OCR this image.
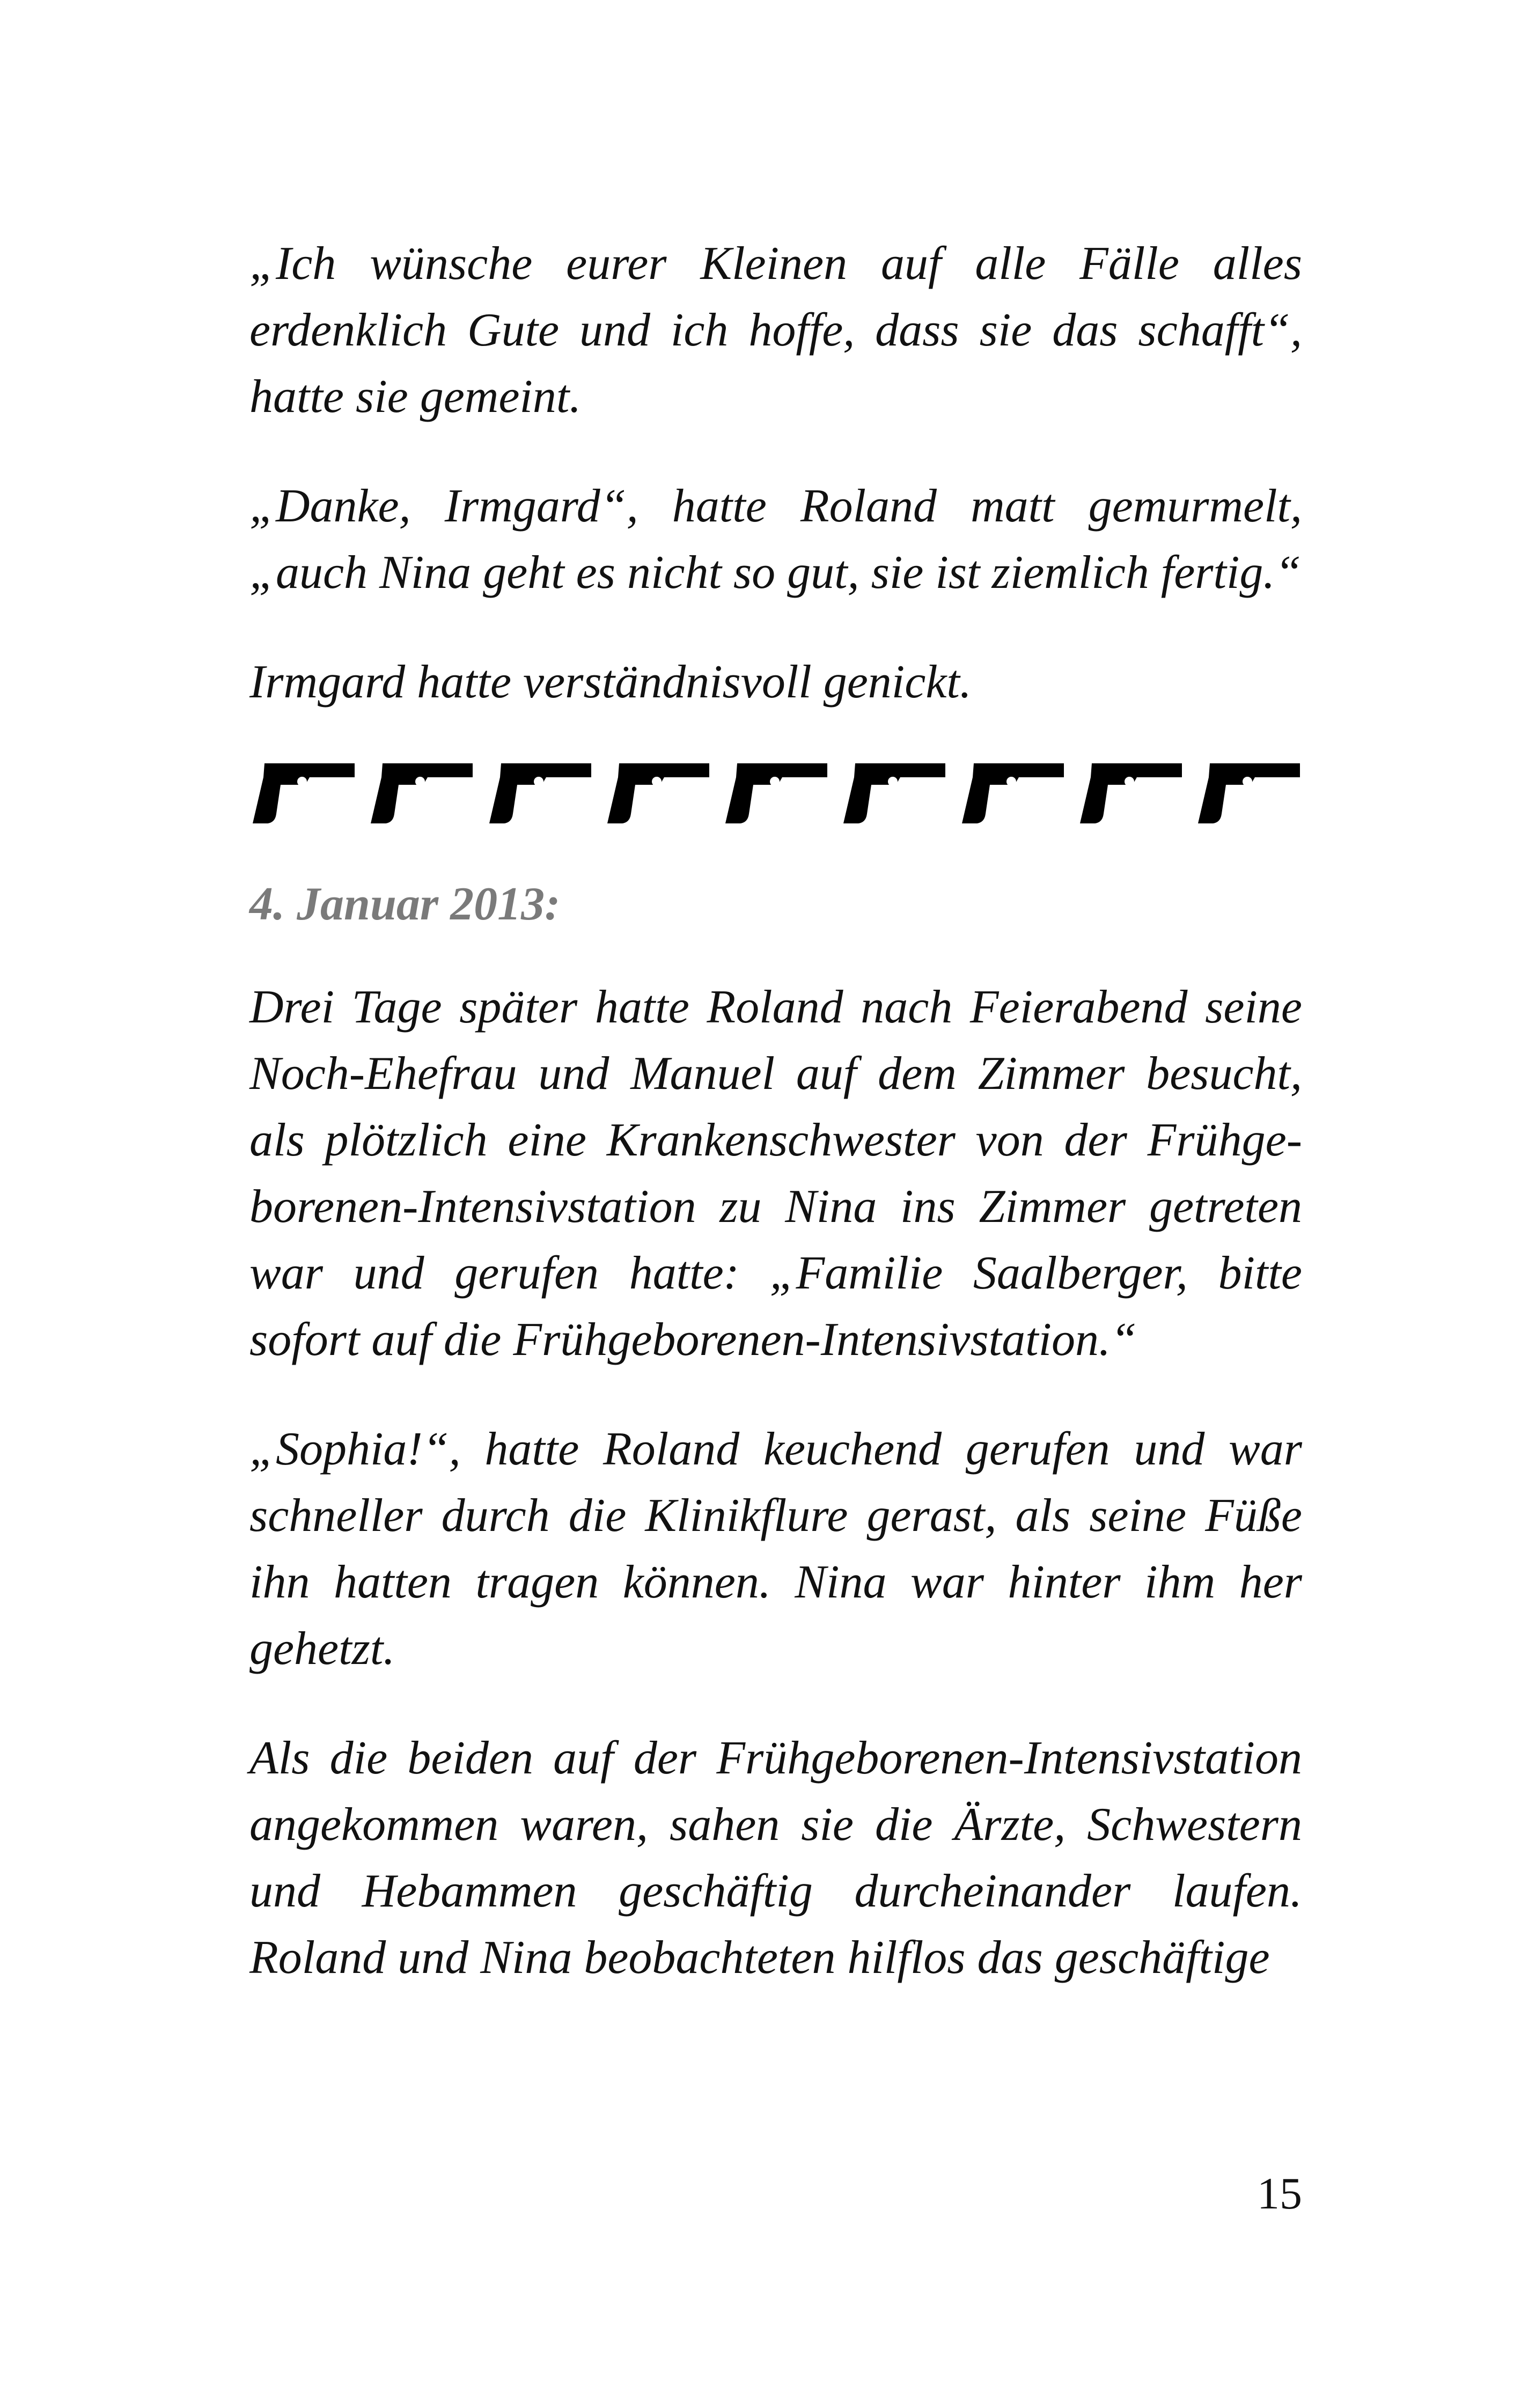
„Ich wünsche eurer Kleinen auf alle Fälle alles erdenklich Gute und ich hoffe, dass sie das schafft“, hatte sie gemeint.

„Danke, Irmgard“, hatte Roland matt gemurmelt, „auch Nina geht es nicht so gut, sie ist ziemlich fertig.“

Irmgard hatte verständnisvoll genickt.

4. Januar 2013:

Drei Tage später hatte Roland nach Feierabend seine Noch-Ehefrau und Manuel auf dem Zimmer besucht, als plötzlich eine Krankenschwester von der Frühgeborenen-Intensivstation zu Nina ins Zimmer getreten war und gerufen hatte: „Familie Saalberger, bitte sofort auf die Frühgeborenen-Intensivstation.“

„Sophia!“, hatte Roland keuchend gerufen und war schneller durch die Klinikflure gerast, als seine Füße ihn hatten tragen können. Nina war hinter ihm her gehetzt.

Als die beiden auf der Frühgeborenen-Intensivstation angekommen waren, sahen sie die Ärzte, Schwestern und Hebammen geschäftig durcheinander laufen. Roland und Nina beobachteten hilflos das geschäftige

15
